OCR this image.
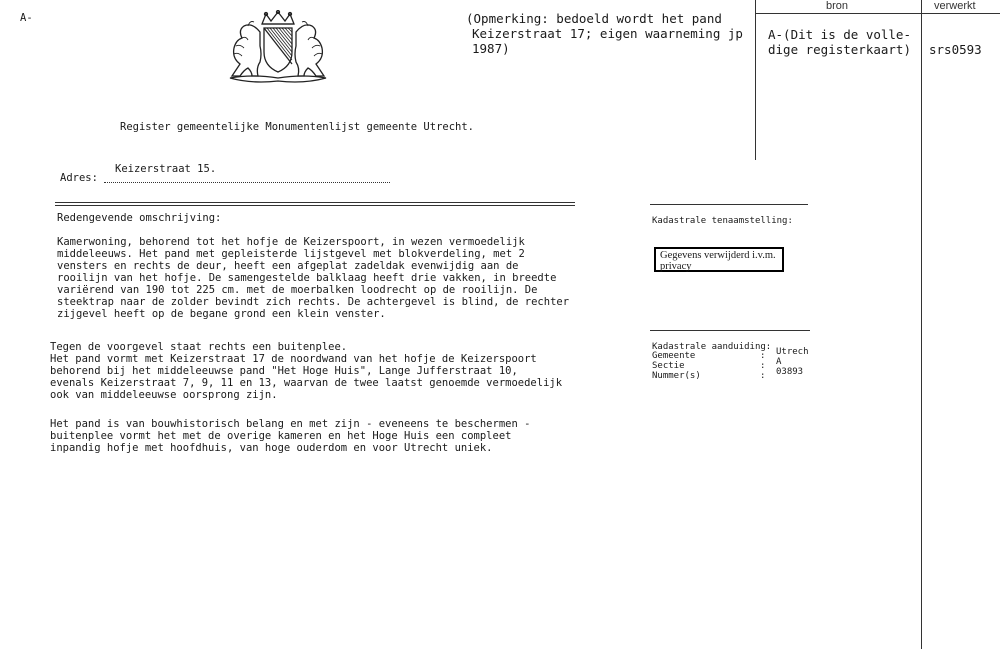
A-	(Opmerking: bedoeld wordt het pand
Keizerstraat 17; eigen waarneming jp
1987)
bron	verwerkt
A-(Dit is de volle-
dige registerkaart) srs0593
Register gemeentelijke Monumentenlijst gemeente Utrecht.
Keizerstraat 15.
Adres:
Redengevende omschrijving:
Kamerwoning, behorend tot het hofje de Keizerspoort, in wezen vermoedelijk
middeleeuws. Het pand met gepleisterde lijstgevel met blokverdeling, met 2
vensters en rechts de deur, heeft een afgeplat zadeldak evenwijdig aan de
rooilijn van het hofje. De samengestelde balklaag heeft drie vakken, in breedte
variërend van 190 tot 225 cm. met de moerbalken loodrecht op de rooilijn. De
steektrap naar de zolder bevindt zich rechts. De achtergevel is blind, de rechter
zijgevel heeft op de begane grond een klein venster.
Tegen de voorgevel staat rechts een buitenplee.
Het pand vormt met Keizerstraat 17 de noordwand van het hofje de Keizerspoort
behorend bij het middeleeuwse pand "Het Hoge Huis", Lange Jufferstraat 10,
evenals Keizerstraat 7, 9, 11 en 13, waarvan de twee laatst genoemde vermoedelijk
ook van middeleeuwse oorsprong zijn.
Het pand is van bouwhistorisch belang en met zijn - eveneens te beschermen -
buitenplee vormt het met de overige kameren en het Hoge Huis een compleet
inpandig hofje met hoofdhuis, van hoge ouderdom en voor Utrecht uniek.
Kadastrale tenaamstelling:
Gegevens verwijderd i.v.m. privacy
Kadastrale aanduiding:
Gemeente	:	Utrech
Sectie	:	A
Nummer(s)	:	03893
